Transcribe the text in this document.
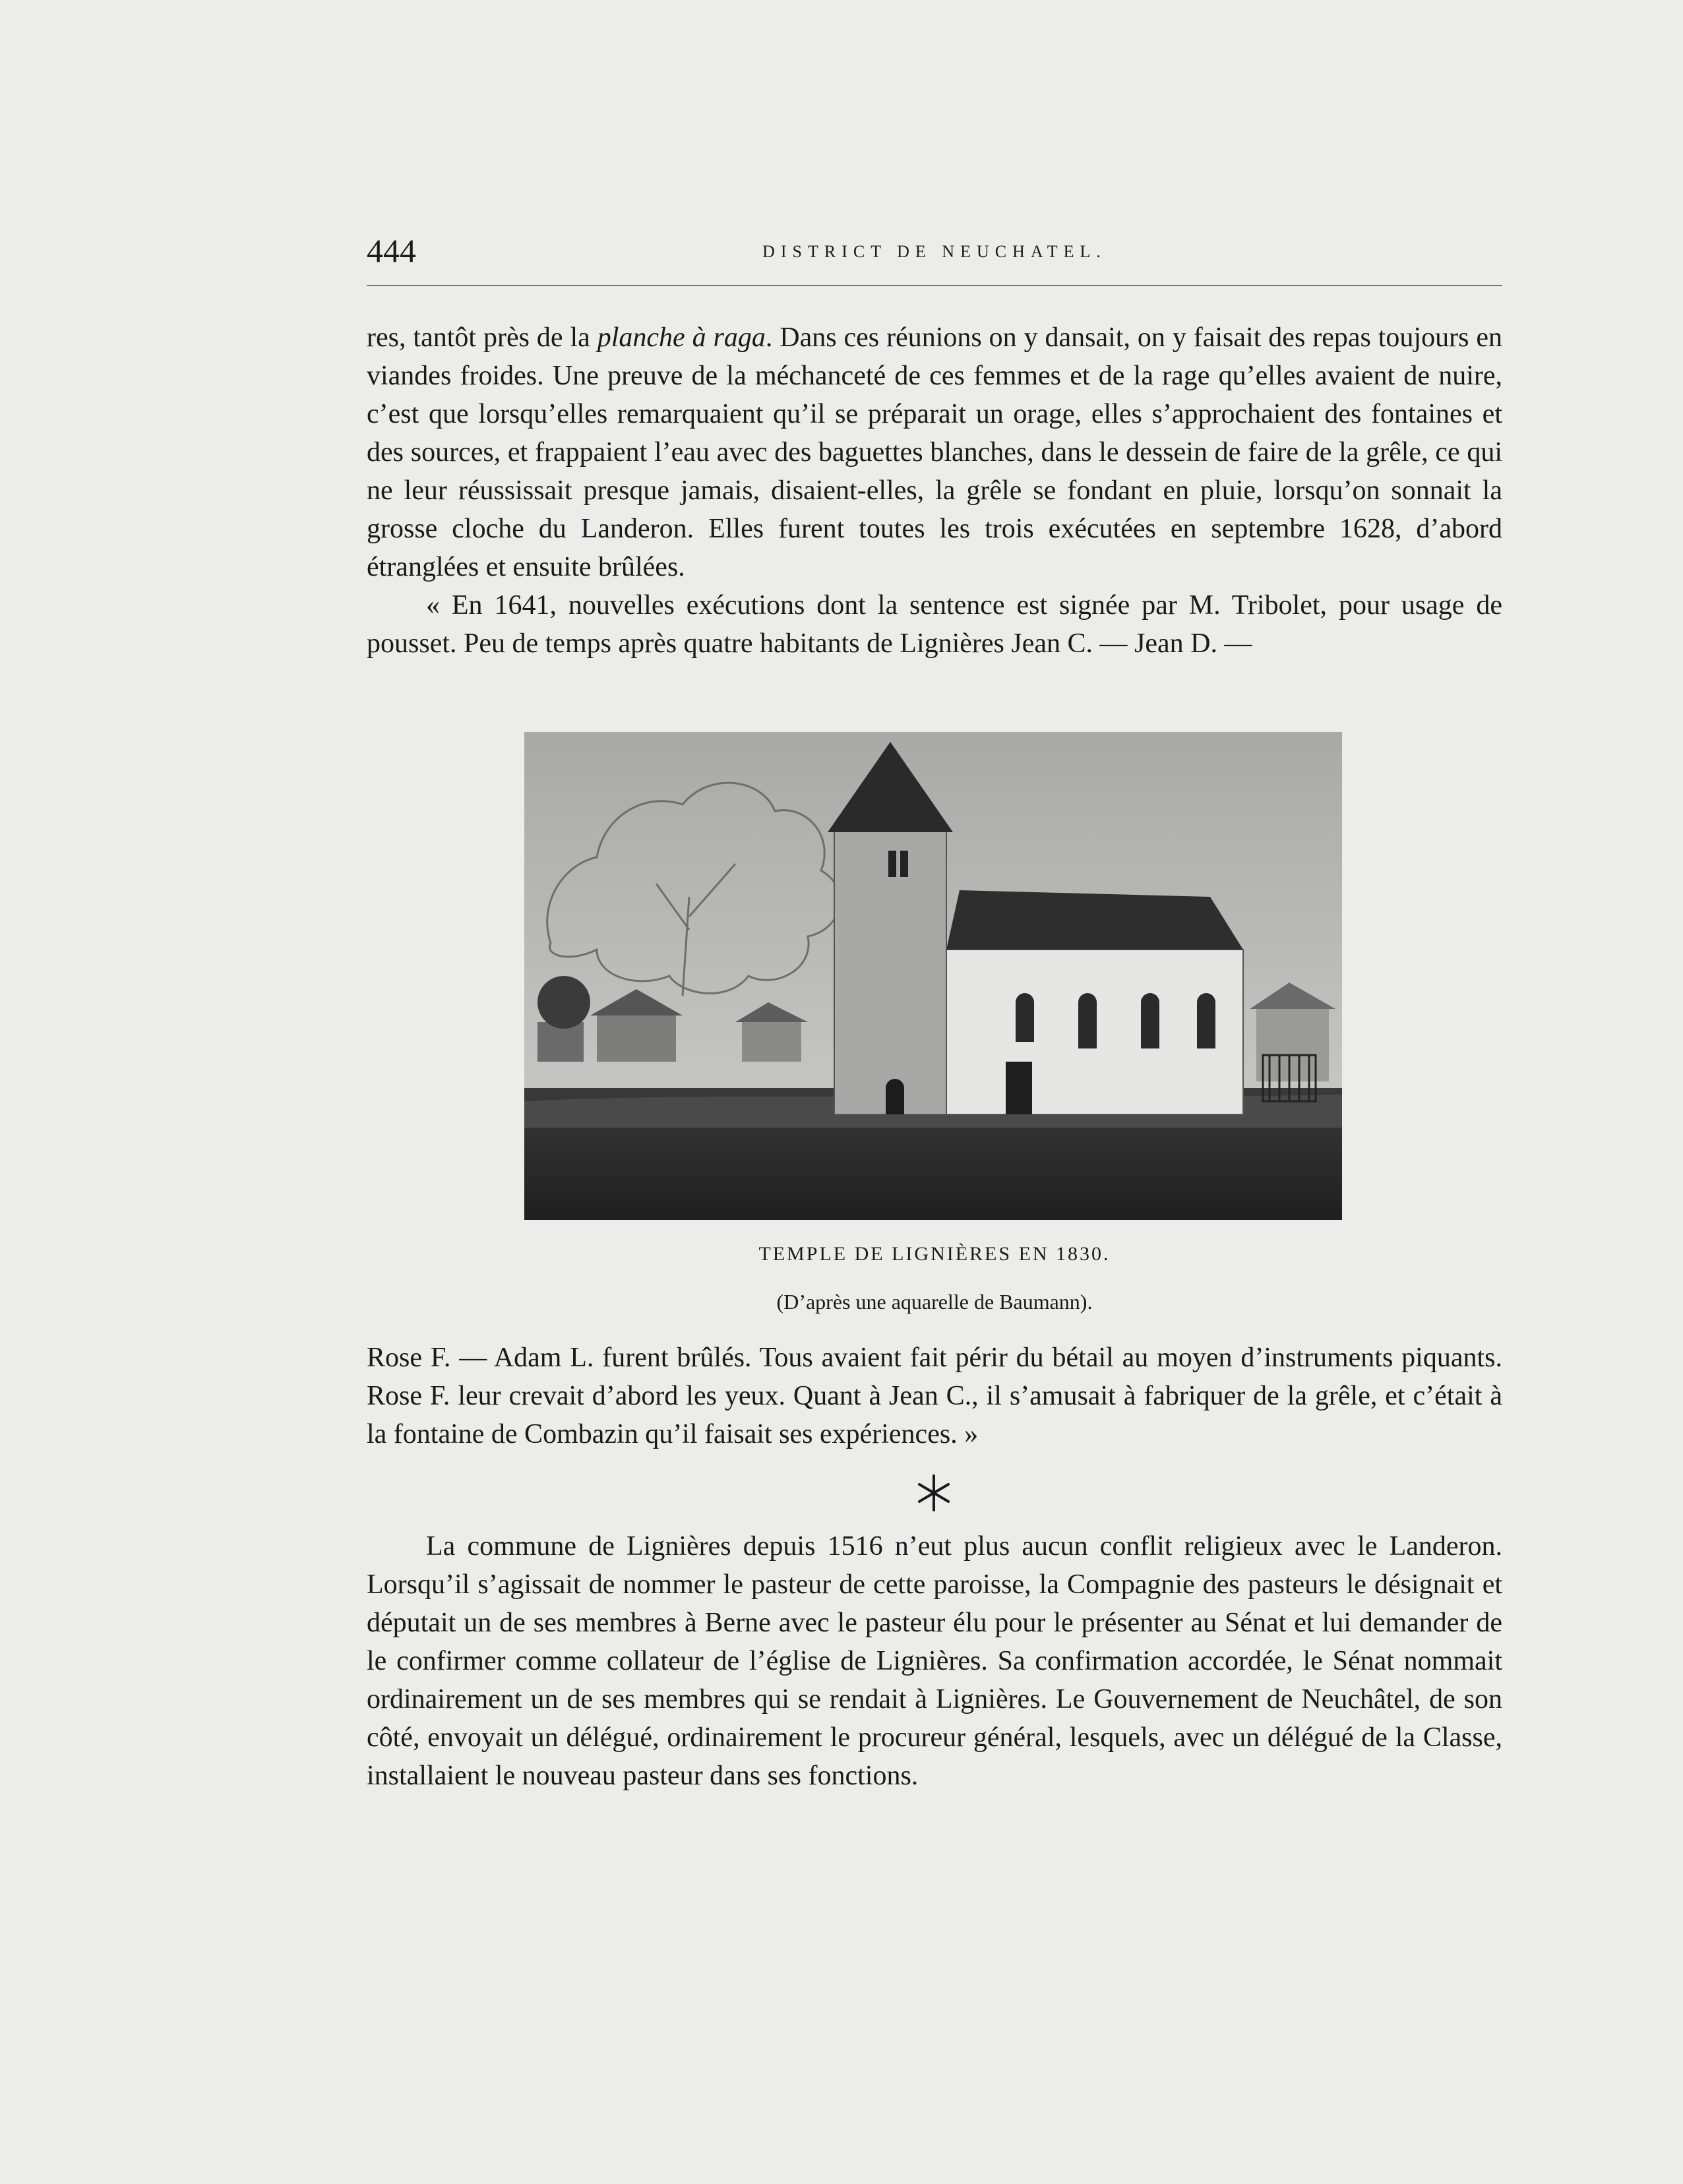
444	DISTRICT DE NEUCHATEL.

res, tantôt près de la planche à raga. Dans ces réunions on y dansait, on y faisait des repas toujours en viandes froides. Une preuve de la méchanceté de ces femmes et de la rage qu’elles avaient de nuire, c’est que lorsqu’elles remarquaient qu’il se préparait un orage, elles s’approchaient des fontaines et des sources, et frappaient l’eau avec des baguettes blanches, dans le dessein de faire de la grêle, ce qui ne leur réussissait presque jamais, disaient-elles, la grêle se fondant en pluie, lorsqu’on sonnait la grosse cloche du Landeron. Elles furent toutes les trois exécutées en septembre 1628, d’abord étranglées et ensuite brûlées.

« En 1641, nouvelles exécutions dont la sentence est signée par M. Tribolet, pour usage de pousset. Peu de temps après quatre habitants de Lignières Jean C. — Jean D. —

TEMPLE DE LIGNIÈRES EN 1830.
(D’après une aquarelle de Baumann).

Rose F. — Adam L. furent brûlés. Tous avaient fait périr du bétail au moyen d’instruments piquants. Rose F. leur crevait d’abord les yeux. Quant à Jean C., il s’amusait à fabriquer de la grêle, et c’était à la fontaine de Combazin qu’il faisait ses expériences. »

La commune de Lignières depuis 1516 n’eut plus aucun conflit religieux avec le Landeron. Lorsqu’il s’agissait de nommer le pasteur de cette paroisse, la Compagnie des pasteurs le désignait et députait un de ses membres à Berne avec le pasteur élu pour le présenter au Sénat et lui demander de le confirmer comme collateur de l’église de Lignières. Sa confirmation accordée, le Sénat nommait ordinairement un de ses membres qui se rendait à Lignières. Le Gouvernement de Neuchâtel, de son côté, envoyait un délégué, ordinairement le procureur général, lesquels, avec un délégué de la Classe, installaient le nouveau pasteur dans ses fonctions.
